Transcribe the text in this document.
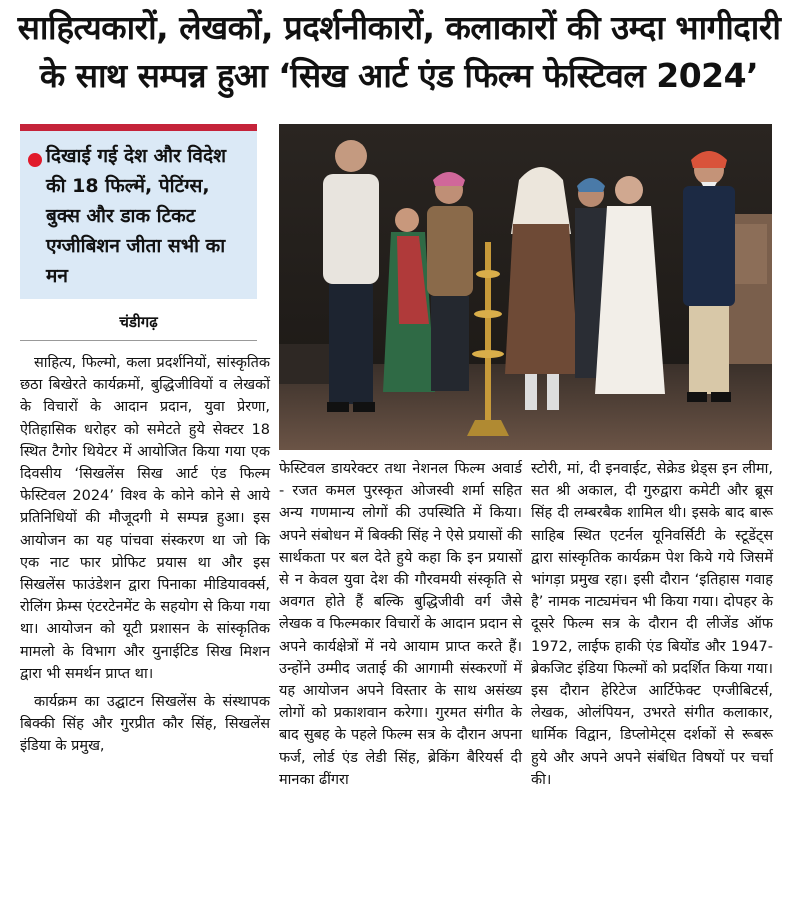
साहित्यकारों, लेखकों, प्रदर्शनीकारों, कलाकारों की उम्दा भागीदारी
के साथ सम्पन्न हुआ ‘सिख आर्ट एंड फिल्म फेस्टिवल 2024’

दिखाई गई देश और विदेश की 18 फिल्में, पेटिंग्स, बुक्स और डाक टिकट एग्जीबिशन जीता सभी का मन

चंडीगढ़

साहित्य, फिल्मो, कला प्रदर्शनियों, सांस्कृतिक छठा बिखेरते कार्यक्रमों, बुद्धिजीवियों व लेखकों के विचारों के आदान प्रदान, युवा प्रेरणा, ऐतिहासिक धरोहर को समेटते हुये सेक्टर 18 स्थित टैगोर थियेटर में आयोजित किया गया एक दिवसीय ‘सिखलेंस सिख आर्ट एंड फिल्म फेस्टिवल 2024’ विश्व के कोने कोने से आये प्रतिनिधियों की मौजूदगी मे सम्पन्न हुआ। इस आयोजन का यह पांचवा संस्करण था जो कि एक नाट फार प्रोफिट प्रयास था और इस सिखलेंस फाउंडेशन द्वारा पिनाका मीडियावर्क्स, रोलिंग फ्रेम्स एंटरटेनमेंट के सहयोग से किया गया था। आयोजन को यूटी प्रशासन के सांस्कृतिक मामलो के विभाग और युनाईटिड सिख मिशन द्वारा भी समर्थन प्राप्त था।

कार्यक्रम का उद्घाटन सिखलेंस के संस्थापक बिक्की सिंह और गुरप्रीत कौर सिंह, सिखलेंस इंडिया के प्रमुख,

फेस्टिवल डायरेक्टर तथा नेशनल फिल्म अवार्ड - रजत कमल पुरस्कृत ओजस्वी शर्मा सहित अन्य गणमान्य लोगों की उपस्थिति में किया। अपने संबोधन में बिक्की सिंह ने ऐसे प्रयासों की सार्थकता पर बल देते हुये कहा कि इन प्रयासों से न केवल युवा देश की गौरवमयी संस्कृति से अवगत होते हैं बल्कि बुद्धिजीवी वर्ग जैसे लेखक व फिल्मकार विचारों के आदान प्रदान से अपने कार्यक्षेत्रों में नये आयाम प्राप्त करते हैं। उन्होंने उम्मीद जताई की आगामी संस्करणों में यह आयोजन अपने विस्तार के साथ असंख्य लोगों को प्रकाशवान करेगा। गुरमत संगीत के बाद सुबह के पहले फिल्म सत्र के दौरान अपना फर्ज, लोर्ड एंड लेडी सिंह, ब्रेकिंग बैरियर्स दी मानका ढींगरा

स्टोरी, मां, दी इनवाईट, सेक्रेड थ्रेड्स इन लीमा, सत श्री अकाल, दी गुरुद्वारा कमेटी और ब्रूस सिंह दी लम्बरबैक शामिल थी। इसके बाद बारू साहिब स्थित एटर्नल यूनिवर्सिटी के स्टूडेंट्स द्वारा सांस्कृतिक कार्यक्रम पेश किये गये जिसमें भांगड़ा प्रमुख रहा। इसी दौरान ‘इतिहास गवाह है’ नामक नाट्यमंचन भी किया गया। दोपहर के दूसरे फिल्म सत्र के दौरान दी लीजेंड ऑफ 1972, लाईफ हाकी एंड बियोंड और 1947-ब्रेकजिट इंडिया फिल्मों को प्रदर्शित किया गया। इस दौरान हेरिटेज आर्टिफेक्ट एग्जीबिटर्स, लेखक, ओलंपियन, उभरते संगीत कलाकार, धार्मिक विद्वान, डिप्लोमेट्स दर्शकों से रूबरू हुये और अपने अपने संबंधित विषयों पर चर्चा की।
